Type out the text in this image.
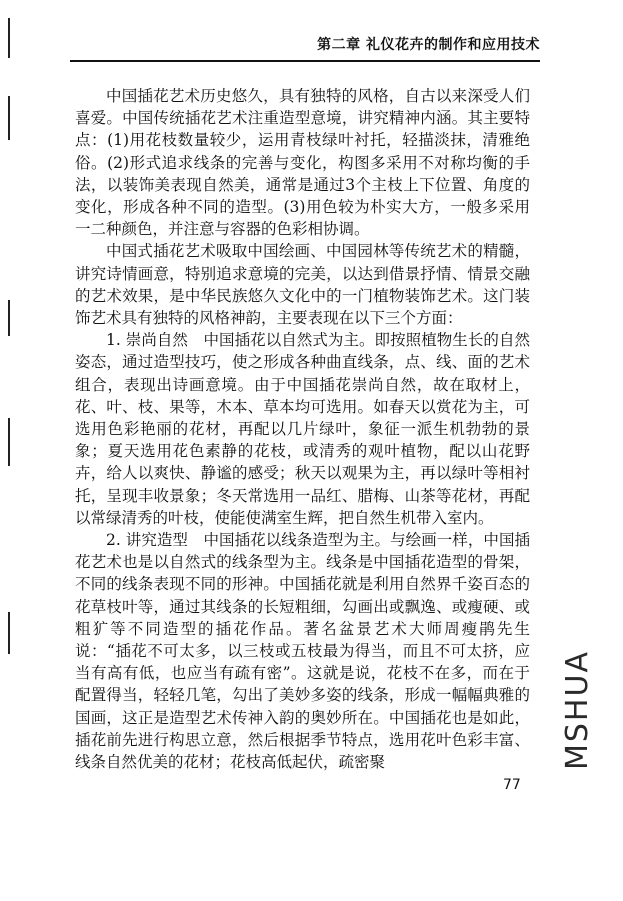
第二章 礼仪花卉的制作和应用技术

中国插花艺术历史悠久，具有独特的风格，自古以来深受人们喜爱。中国传统插花艺术注重造型意境，讲究精神内涵。其主要特点：(1)用花枝数量较少，运用青枝绿叶衬托，轻描淡抹，清雅绝俗。(2)形式追求线条的完善与变化，构图多采用不对称均衡的手法，以装饰美表现自然美，通常是通过3个主枝上下位置、角度的变化，形成各种不同的造型。(3)用色较为朴实大方，一般多采用一二种颜色，并注意与容器的色彩相协调。

中国式插花艺术吸取中国绘画、中国园林等传统艺术的精髓，讲究诗情画意，特别追求意境的完美，以达到借景抒情、情景交融的艺术效果，是中华民族悠久文化中的一门植物装饰艺术。这门装饰艺术具有独特的风格神韵，主要表现在以下三个方面：

1. 崇尚自然　中国插花以自然式为主。即按照植物生长的自然姿态，通过造型技巧，使之形成各种曲直线条，点、线、面的艺术组合，表现出诗画意境。由于中国插花崇尚自然，故在取材上，花、叶、枝、果等，木本、草本均可选用。如春天以赏花为主，可选用色彩艳丽的花材，再配以几片绿叶，象征一派生机勃勃的景象；夏天选用花色素静的花枝，或清秀的观叶植物，配以山花野卉，给人以爽快、静谧的感受；秋天以观果为主，再以绿叶等相衬托，呈现丰收景象；冬天常选用一品红、腊梅、山茶等花材，再配以常绿清秀的叶枝，使能使满室生辉，把自然生机带入室内。

2. 讲究造型　中国插花以线条造型为主。与绘画一样，中国插花艺术也是以自然式的线条型为主。线条是中国插花造型的骨架，不同的线条表现不同的形神。中国插花就是利用自然界千姿百态的花草枝叶等，通过其线条的长短粗细，勾画出或飘逸、或瘦硬、或粗犷等不同造型的插花作品。著名盆景艺术大师周瘦鹃先生说：“插花不可太多，以三枝或五枝最为得当，而且不可太挤，应当有高有低，也应当有疏有密”。这就是说，花枝不在多，而在于配置得当，轻轻几笔，勾出了美妙多姿的线条，形成一幅幅典雅的国画，这正是造型艺术传神入韵的奥妙所在。中国插花也是如此，插花前先进行构思立意，然后根据季节特点，选用花叶色彩丰富、线条自然优美的花材；花枝高低起伏，疏密聚

77
MSHUA
